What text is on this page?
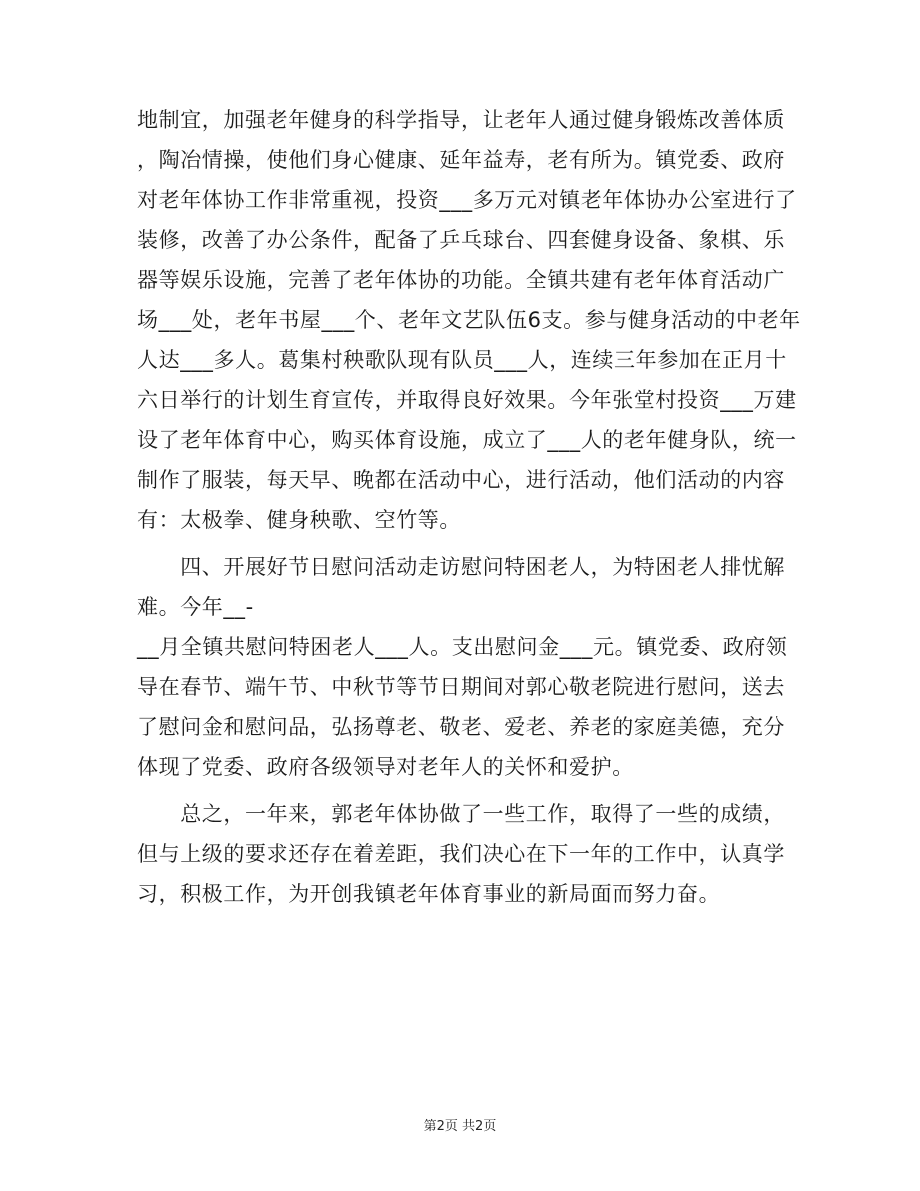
地制宜，加强老年健身的科学指导，让老年人通过健身锻炼改善体质
，陶冶情操，使他们身心健康、延年益寿，老有所为。镇党委、政府
对老年体协工作非常重视，投资___多万元对镇老年体协办公室进行了
装修，改善了办公条件，配备了乒乓球台、四套健身设备、象棋、乐
器等娱乐设施，完善了老年体协的功能。全镇共建有老年体育活动广
场___处，老年书屋___个、老年文艺队伍6支。参与健身活动的中老年
人达___多人。葛集村秧歌队现有队员___人，连续三年参加在正月十
六日举行的计划生育宣传，并取得良好效果。今年张堂村投资___万建
设了老年体育中心，购买体育设施，成立了___人的老年健身队，统一
制作了服装，每天早、晚都在活动中心，进行活动，他们活动的内容
有：太极拳、健身秧歌、空竹等。
　　四、开展好节日慰问活动走访慰问特困老人，为特困老人排忧解
难。今年__-
__月全镇共慰问特困老人___人。支出慰问金___元。镇党委、政府领
导在春节、端午节、中秋节等节日期间对郭心敬老院进行慰问，送去
了慰问金和慰问品，弘扬尊老、敬老、爱老、养老的家庭美德，充分
体现了党委、政府各级领导对老年人的关怀和爱护。
　　总之，一年来，郭老年体协做了一些工作，取得了一些的成绩，
但与上级的要求还存在着差距，我们决心在下一年的工作中，认真学
习，积极工作，为开创我镇老年体育事业的新局面而努力奋。
第2页 共2页
